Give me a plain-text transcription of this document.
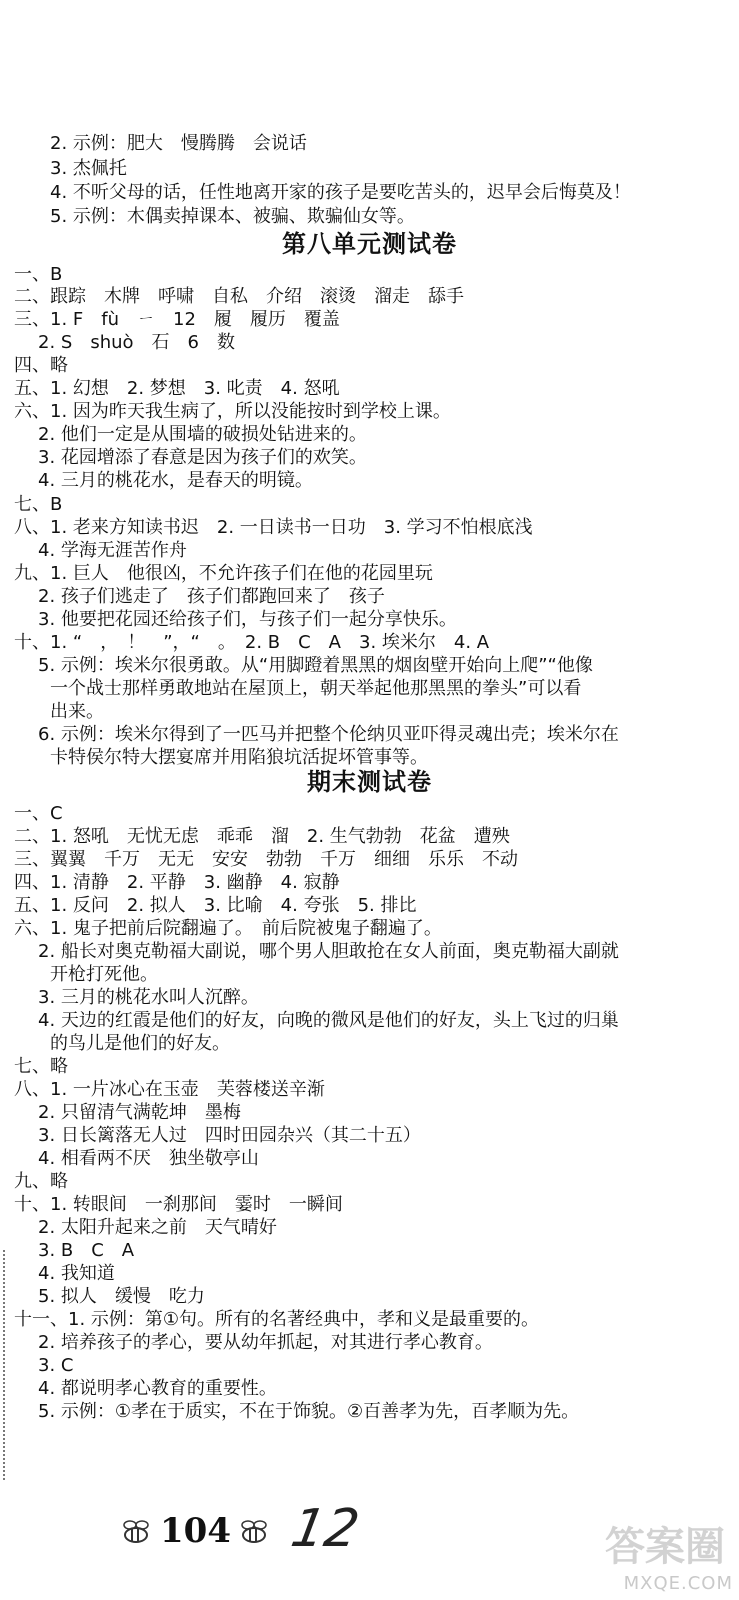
2. 示例：肥大　慢腾腾　会说话
3. 杰佩托
4. 不听父母的话，任性地离开家的孩子是要吃苦头的，迟早会后悔莫及！
5. 示例：木偶卖掉课本、被骗、欺骗仙女等。
第八单元测试卷
一、B
二、跟踪　木牌　呼啸　自私　介绍　滚烫　溜走　舔手
三、1. F　fù　ㄧ　12　履　履历　覆盖
2. S　shuò　石　6　数
四、略
五、1. 幻想　2. 梦想　3. 叱责　4. 怒吼
六、1. 因为昨天我生病了，所以没能按时到学校上课。
2. 他们一定是从围墙的破损处钻进来的。
3. 花园增添了春意是因为孩子们的欢笑。
4. 三月的桃花水，是春天的明镜。
七、B
八、1. 老来方知读书迟　2. 一日读书一日功　3. 学习不怕根底浅
4. 学海无涯苦作舟
九、1. 巨人　他很凶，不允许孩子们在他的花园里玩
2. 孩子们逃走了　孩子们都跑回来了　孩子
3. 他要把花园还给孩子们，与孩子们一起分享快乐。
十、1. “　，　！　”，“　。　2. B　C　A　3. 埃米尔　4. A
5. 示例：埃米尔很勇敢。从“用脚蹬着黑黑的烟囱壁开始向上爬”“他像
一个战士那样勇敢地站在屋顶上，朝天举起他那黑黑的拳头”可以看
出来。
6. 示例：埃米尔得到了一匹马并把整个伦纳贝亚吓得灵魂出壳；埃米尔在
卡特侯尔特大摆宴席并用陷狼坑活捉坏管事等。
期末测试卷
一、C
二、1. 怒吼　无忧无虑　乖乖　溜　2. 生气勃勃　花盆　遭殃
三、翼翼　千万　无无　安安　勃勃　千万　细细　乐乐　不动
四、1. 清静　2. 平静　3. 幽静　4. 寂静
五、1. 反问　2. 拟人　3. 比喻　4. 夸张　5. 排比
六、1. 鬼子把前后院翻遍了。　前后院被鬼子翻遍了。
2. 船长对奥克勒福大副说，哪个男人胆敢抢在女人前面，奥克勒福大副就
开枪打死他。
3. 三月的桃花水叫人沉醉。
4. 天边的红霞是他们的好友，向晚的微风是他们的好友，头上飞过的归巢
的鸟儿是他们的好友。
七、略
八、1. 一片冰心在玉壶　芙蓉楼送辛渐
2. 只留清气满乾坤　墨梅
3. 日长篱落无人过　四时田园杂兴（其二十五）
4. 相看两不厌　独坐敬亭山
九、略
十、1. 转眼间　一刹那间　霎时　一瞬间
2. 太阳升起来之前　天气晴好
3. B　C　A
4. 我知道
5. 拟人　缓慢　吃力
十一、1. 示例：第①句。所有的名著经典中，孝和义是最重要的。
2. 培养孩子的孝心，要从幼年抓起，对其进行孝心教育。
3. C
4. 都说明孝心教育的重要性。
5. 示例：①孝在于质实，不在于饰貌。②百善孝为先，百孝顺为先。
104 12	答案圈
MXQE.COM
